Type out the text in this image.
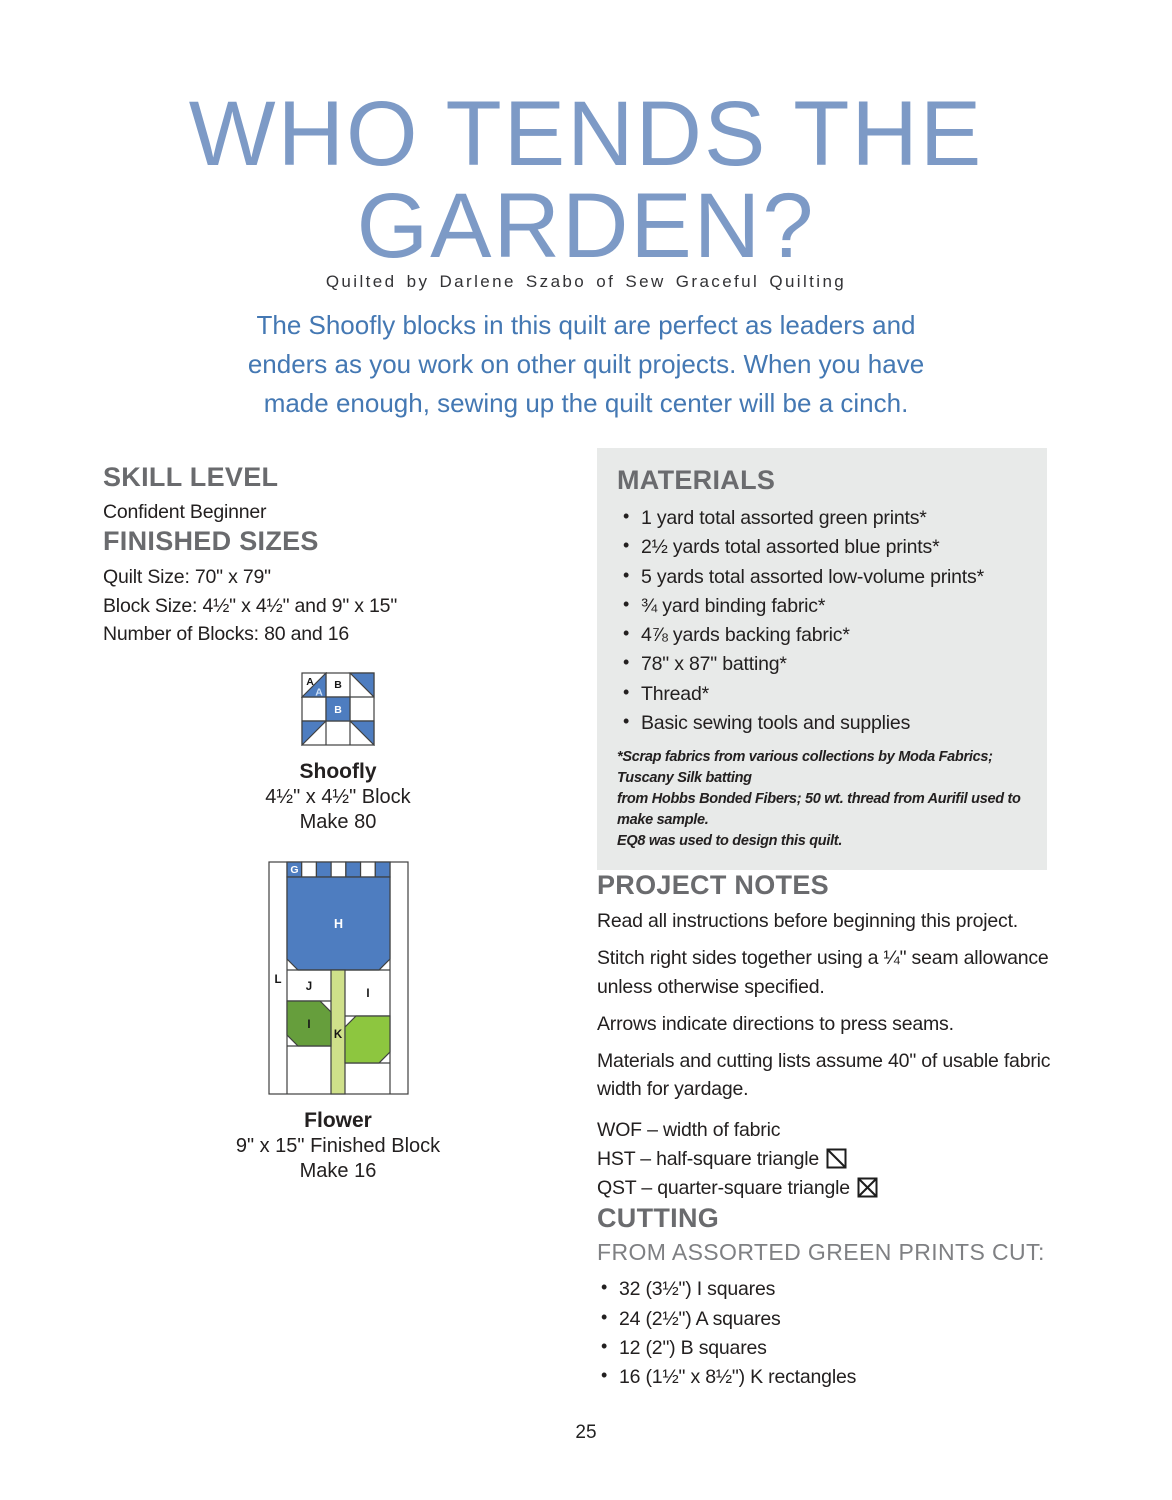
WHO TENDS THE
GARDEN?
Quilted by Darlene Szabo of Sew Graceful Quilting
The Shoofly blocks in this quilt are perfect as leaders and
enders as you work on other quilt projects. When you have
made enough, sewing up the quilt center will be a cinch.
SKILL LEVEL
Confident Beginner
FINISHED SIZES
Quilt Size: 70" x 79"
Block Size: 4½" x 4½" and 9" x 15"
Number of Blocks: 80 and 16
A
A
B
B
Shoofly
4½" x 4½" Block
Make 80
G
H
L
J
I
I
K
Flower
9" x 15" Finished Block
Make 16
MATERIALS
• 1 yard total assorted green prints*
• 2½ yards total assorted blue prints*
• 5 yards total assorted low-volume prints*
• ¾ yard binding fabric*
• 4⅞ yards backing fabric*
• 78" x 87" batting*
• Thread*
• Basic sewing tools and supplies
*Scrap fabrics from various collections by Moda Fabrics; Tuscany Silk batting
from Hobbs Bonded Fibers; 50 wt. thread from Aurifil used to make sample.
EQ8 was used to design this quilt.
PROJECT NOTES

Read all instructions before beginning this project.

Stitch right sides together using a ¼" seam allowance unless otherwise specified.

Arrows indicate directions to press seams.

Materials and cutting lists assume 40" of usable fabric width for yardage.

WOF – width of fabric
HST – half-square triangle
QST – quarter-square triangle
CUTTING
FROM ASSORTED GREEN PRINTS CUT:
• 32 (3½") I squares
• 24 (2½") A squares
• 12 (2") B squares
• 16 (1½" x 8½") K rectangles
25
